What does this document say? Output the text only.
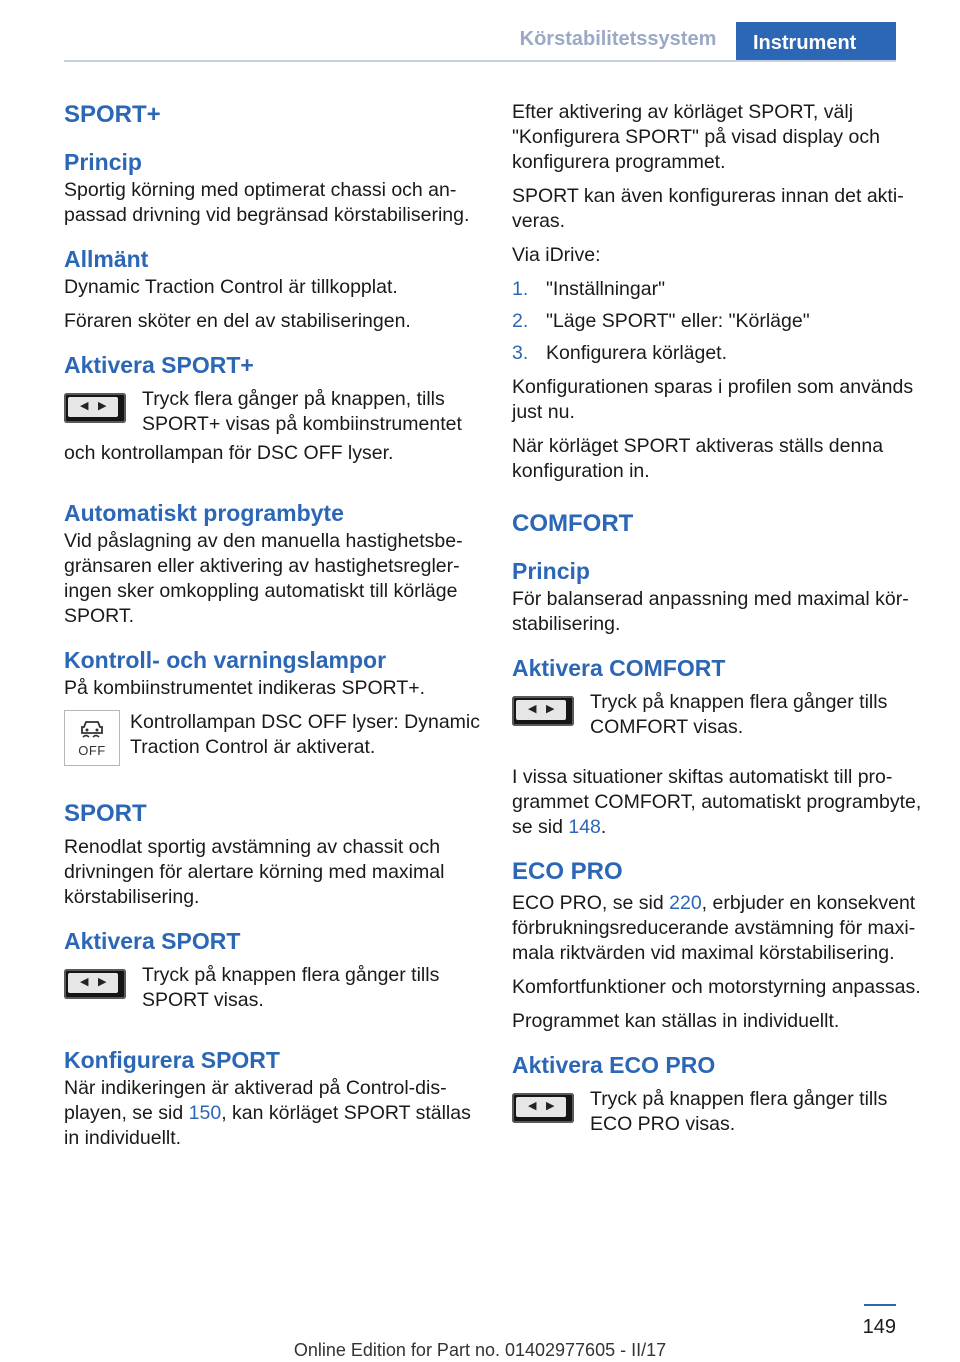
Körstabilitetssystem	Instrument
SPORT+
Princip

Sportig körning med optimerat chassi och anpassad drivning vid begränsad körstabilisering.

Allmänt

Dynamic Traction Control är tillkopplat.

Föraren sköter en del av stabiliseringen.

Aktivera SPORT+
◀ ▶ Tryck flera gånger på knappen, tills SPORT+ visas på kombiinstrumentet

och kontrollampan för DSC OFF lyser.

Automatiskt programbyte

Vid påslagning av den manuella hastighetsbegränsaren eller aktivering av hastighetsregleringen sker omkoppling automatiskt till körläge SPORT.

Kontroll- och varningslampor

På kombiinstrumentet indikeras SPORT+.

OFF
Kontrollampan DSC OFF lyser: Dynamic Traction Control är aktiverat.
SPORT

Renodlat sportig avstämning av chassit och drivningen för alertare körning med maximal körstabilisering.

Aktivera SPORT
◀ ▶ Tryck på knappen flera gånger tills SPORT visas.
Konfigurera SPORT

När indikeringen är aktiverad på Control-displayen, se sid 150, kan körläget SPORT ställas in individuellt.

Efter aktivering av körläget SPORT, välj "Konfigurera SPORT" på visad display och konfigurera programmet.

SPORT kan även konfigureras innan det aktiveras.

Via iDrive:

1. "Inställningar"
2. "Läge SPORT" eller: "Körläge"
3. Konfigurera körläget.

Konfigurationen sparas i profilen som används just nu.

När körläget SPORT aktiveras ställs denna konfiguration in.

COMFORT
Princip

För balanserad anpassning med maximal körstabilisering.

Aktivera COMFORT
◀ ▶ Tryck på knappen flera gånger tills COMFORT visas.

I vissa situationer skiftas automatiskt till programmet COMFORT, automatiskt programbyte, se sid 148.

ECO PRO

ECO PRO, se sid 220, erbjuder en konsekvent förbrukningsreducerande avstämning för maximala riktvärden vid maximal körstabilisering.

Komfortfunktioner och motorstyrning anpassas.

Programmet kan ställas in individuellt.

Aktivera ECO PRO
◀ ▶ Tryck på knappen flera gånger tills ECO PRO visas.
149
Online Edition for Part no. 01402977605 - II/17
